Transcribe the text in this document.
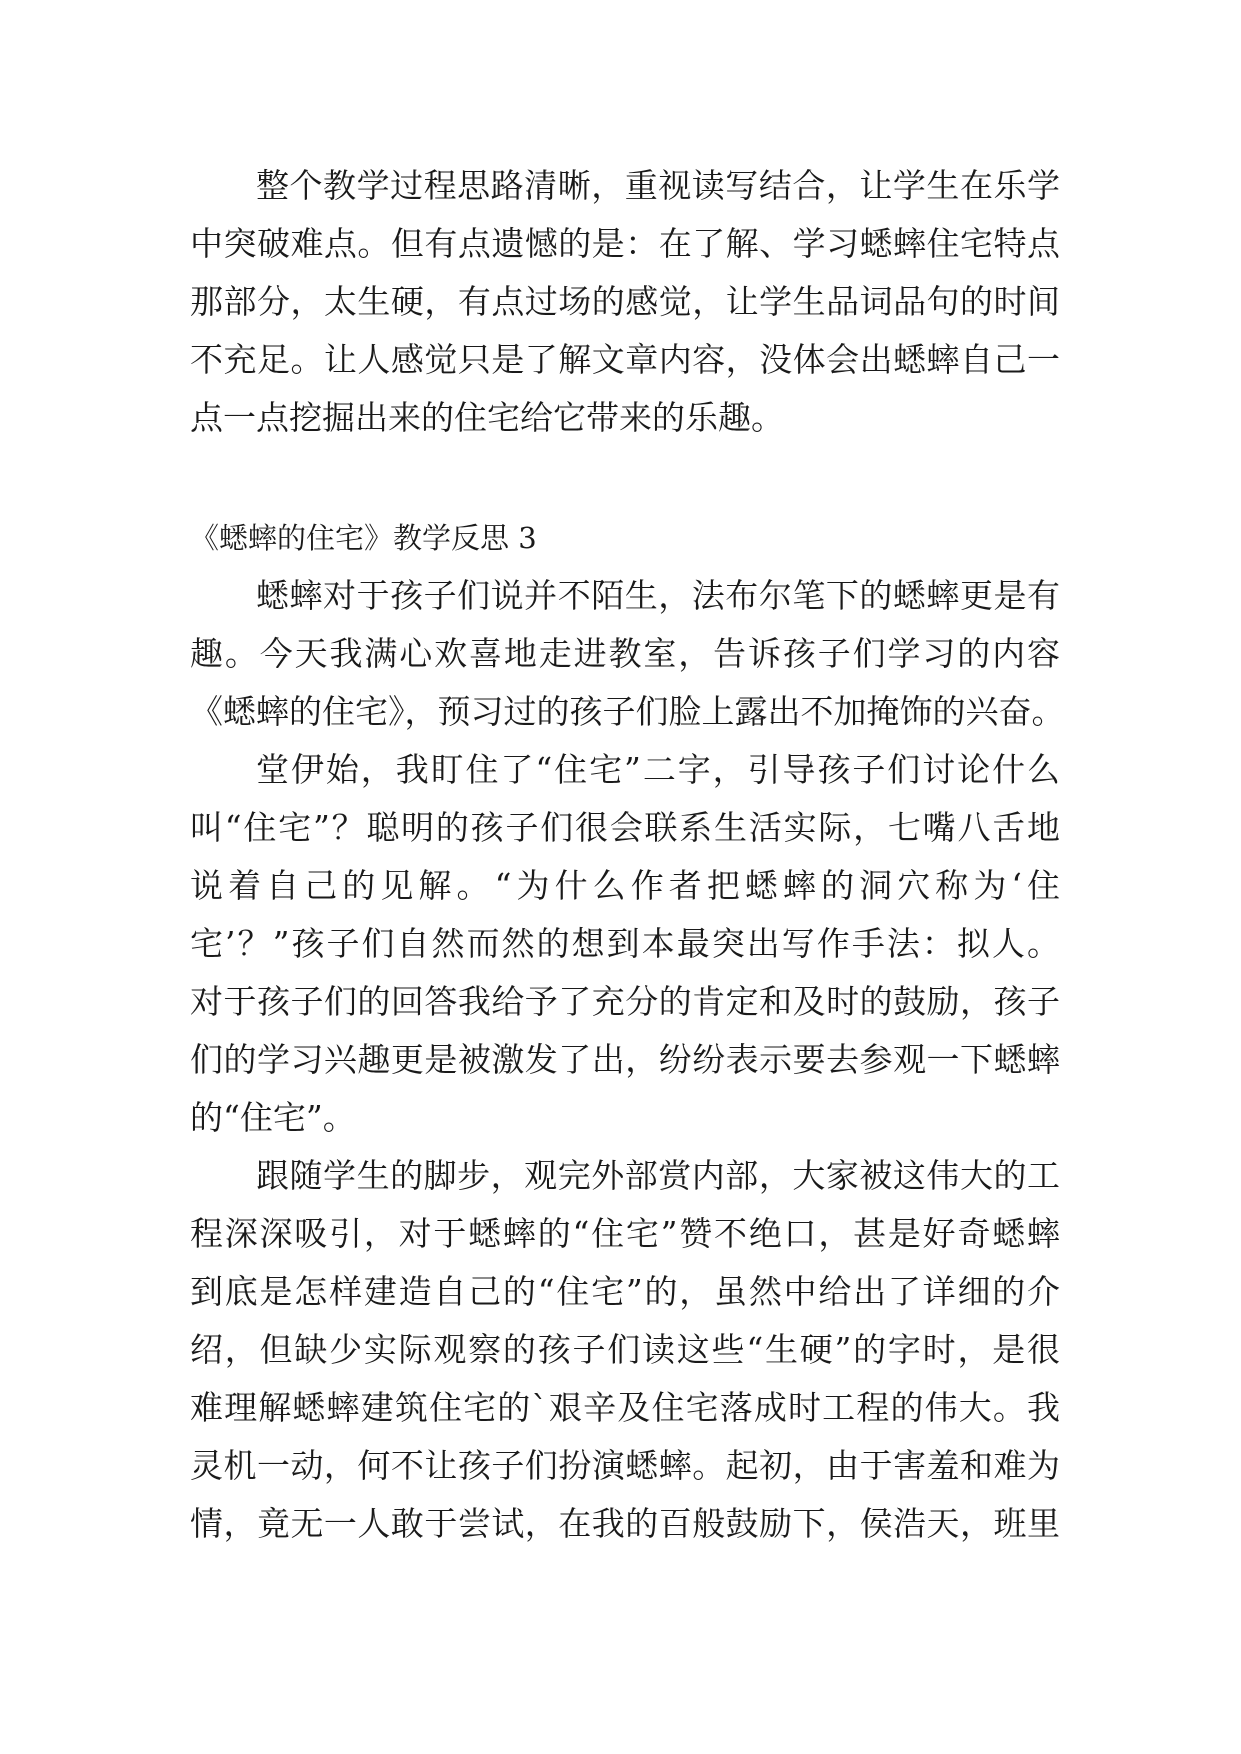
整个教学过程思路清晰，重视读写结合，让学生在乐学
中突破难点。但有点遗憾的是：在了解、学习蟋蟀住宅特点
那部分，太生硬，有点过场的感觉，让学生品词品句的时间
不充足。让人感觉只是了解文章内容，没体会出蟋蟀自己一
点一点挖掘出来的住宅给它带来的乐趣。
《蟋蟀的住宅》教学反思 3
蟋蟀对于孩子们说并不陌生，法布尔笔下的蟋蟀更是有
趣。今天我满心欢喜地走进教室，告诉孩子们学习的内容
《蟋蟀的住宅》，预习过的孩子们脸上露出不加掩饰的兴奋。
堂伊始，我盯住了“住宅”二字，引导孩子们讨论什么
叫“住宅”？聪明的孩子们很会联系生活实际，七嘴八舌地
说着自己的见解。“为什么作者把蟋蟀的洞穴称为‘住
宅’？”孩子们自然而然的想到本最突出写作手法：拟人。
对于孩子们的回答我给予了充分的肯定和及时的鼓励，孩子
们的学习兴趣更是被激发了出，纷纷表示要去参观一下蟋蟀
的“住宅”。
跟随学生的脚步，观完外部赏内部，大家被这伟大的工
程深深吸引，对于蟋蟀的“住宅”赞不绝口，甚是好奇蟋蟀
到底是怎样建造自己的“住宅”的，虽然中给出了详细的介
绍，但缺少实际观察的孩子们读这些“生硬”的字时，是很
难理解蟋蟀建筑住宅的`艰辛及住宅落成时工程的伟大。我
灵机一动，何不让孩子们扮演蟋蟀。起初，由于害羞和难为
情，竟无一人敢于尝试，在我的百般鼓励下，侯浩天，班里
